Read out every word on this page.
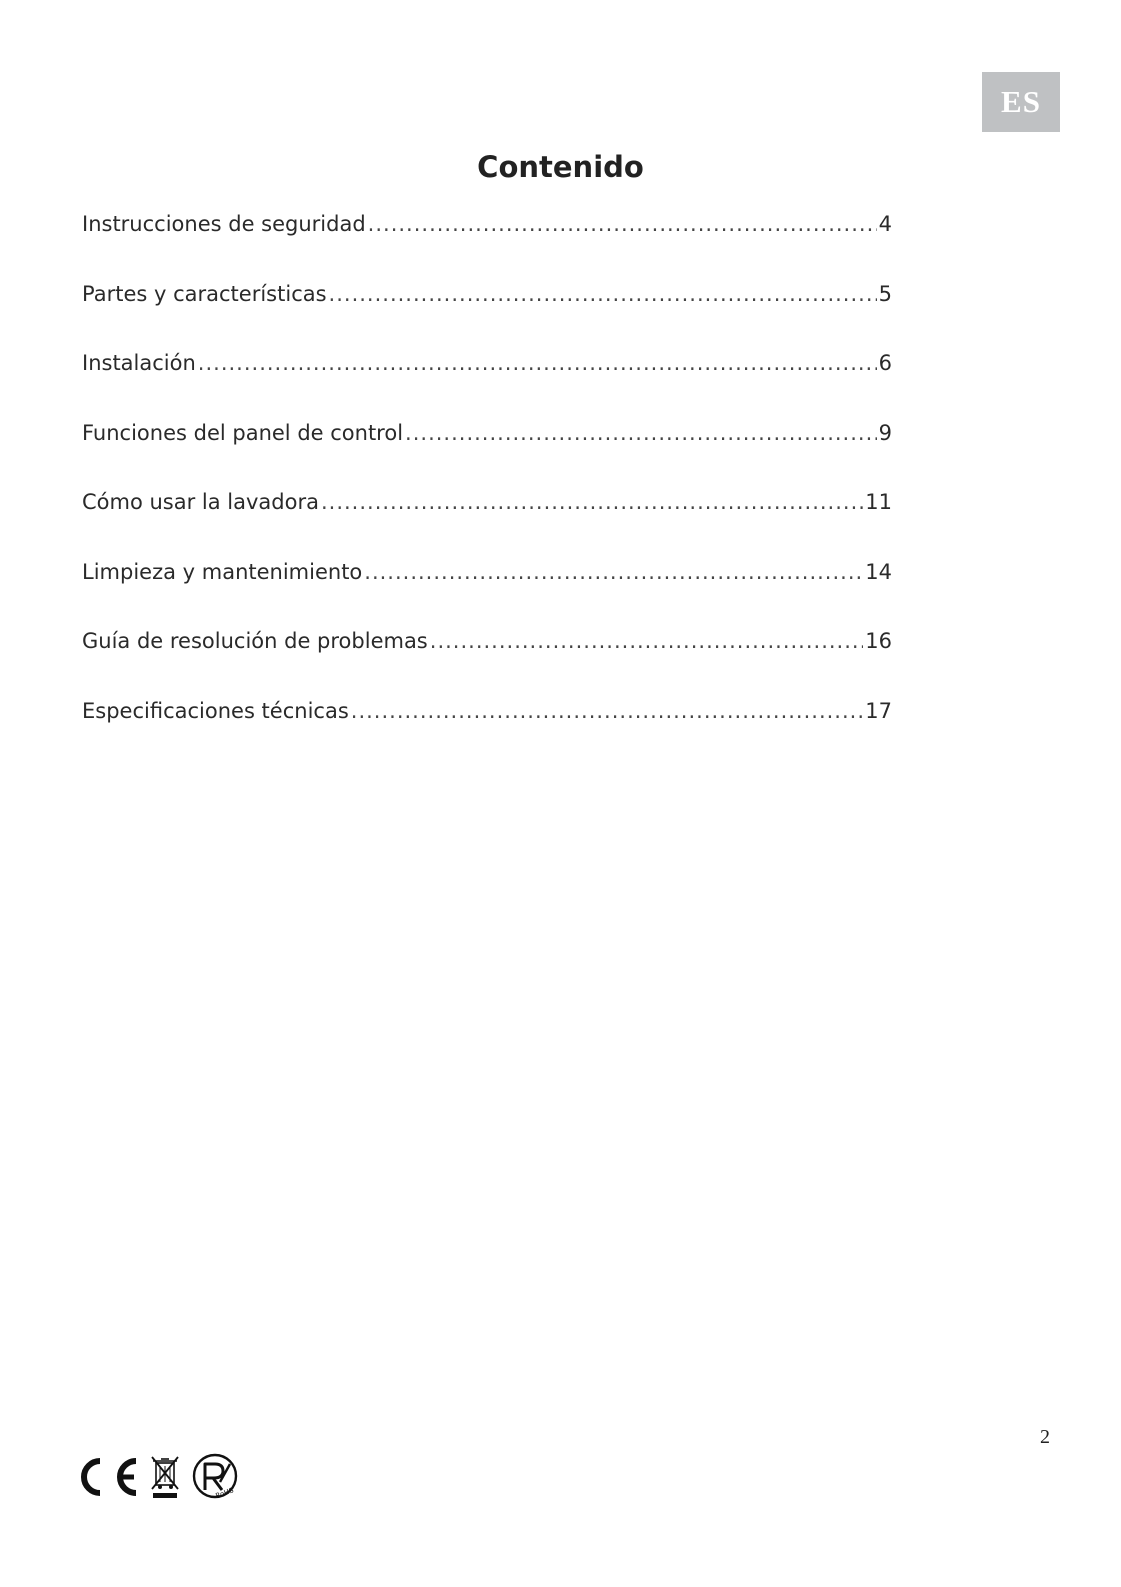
ES
Contenido
Instrucciones de seguridad .....	4
Partes y características .....	5
Instalación .....	6
Funciones del panel de control .....	9
Cómo usar la lavadora .....	11
Limpieza y mantenimiento .....	14
Guía de resolución de problemas .....	16
Especificaciones técnicas .....	17
2
RoHS
